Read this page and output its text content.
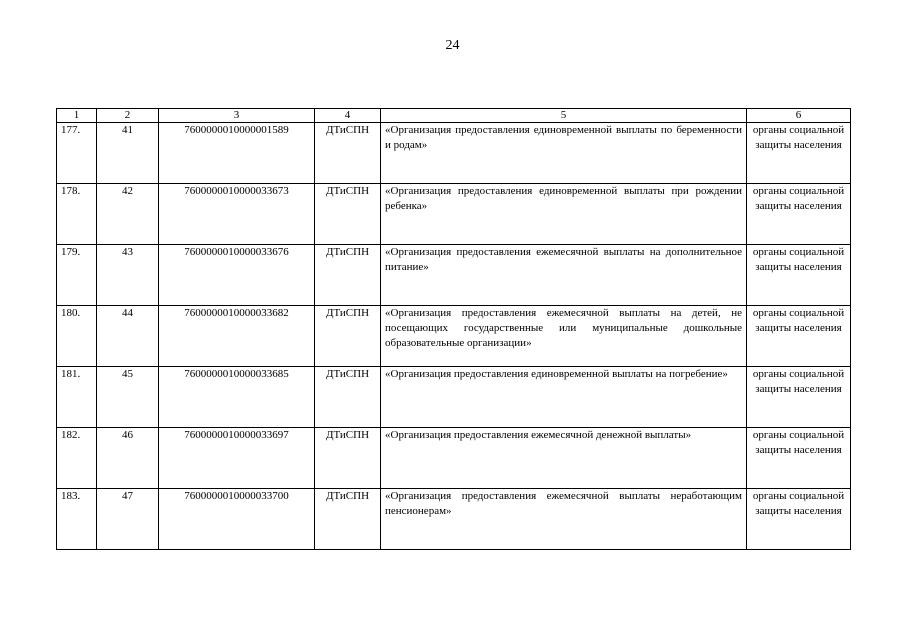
24
1	2	3	4	5	6
177.	41	7600000010000001589	ДТиСПН	«Организация предоставления единовременной выплаты по беременности и родам»	органы социальной защиты населения
178.	42	7600000010000033673	ДТиСПН	«Организация предоставления единовременной выплаты при рождении ребенка»	органы социальной защиты населения
179.	43	7600000010000033676	ДТиСПН	«Организация предоставления ежемесячной выплаты на дополнительное питание»	органы социальной защиты населения
180.	44	7600000010000033682	ДТиСПН	«Организация предоставления ежемесячной выплаты на детей, не посещающих государственные или муниципальные дошкольные образовательные организации»	органы социальной защиты населения
181.	45	7600000010000033685	ДТиСПН	«Организация предоставления единовременной выплаты на погребение»	органы социальной защиты населения
182.	46	7600000010000033697	ДТиСПН	«Организация предоставления ежемесячной денежной выплаты»	органы социальной защиты населения
183.	47	7600000010000033700	ДТиСПН	«Организация предоставления ежемесячной выплаты неработающим пенсионерам»	органы социальной защиты населения
